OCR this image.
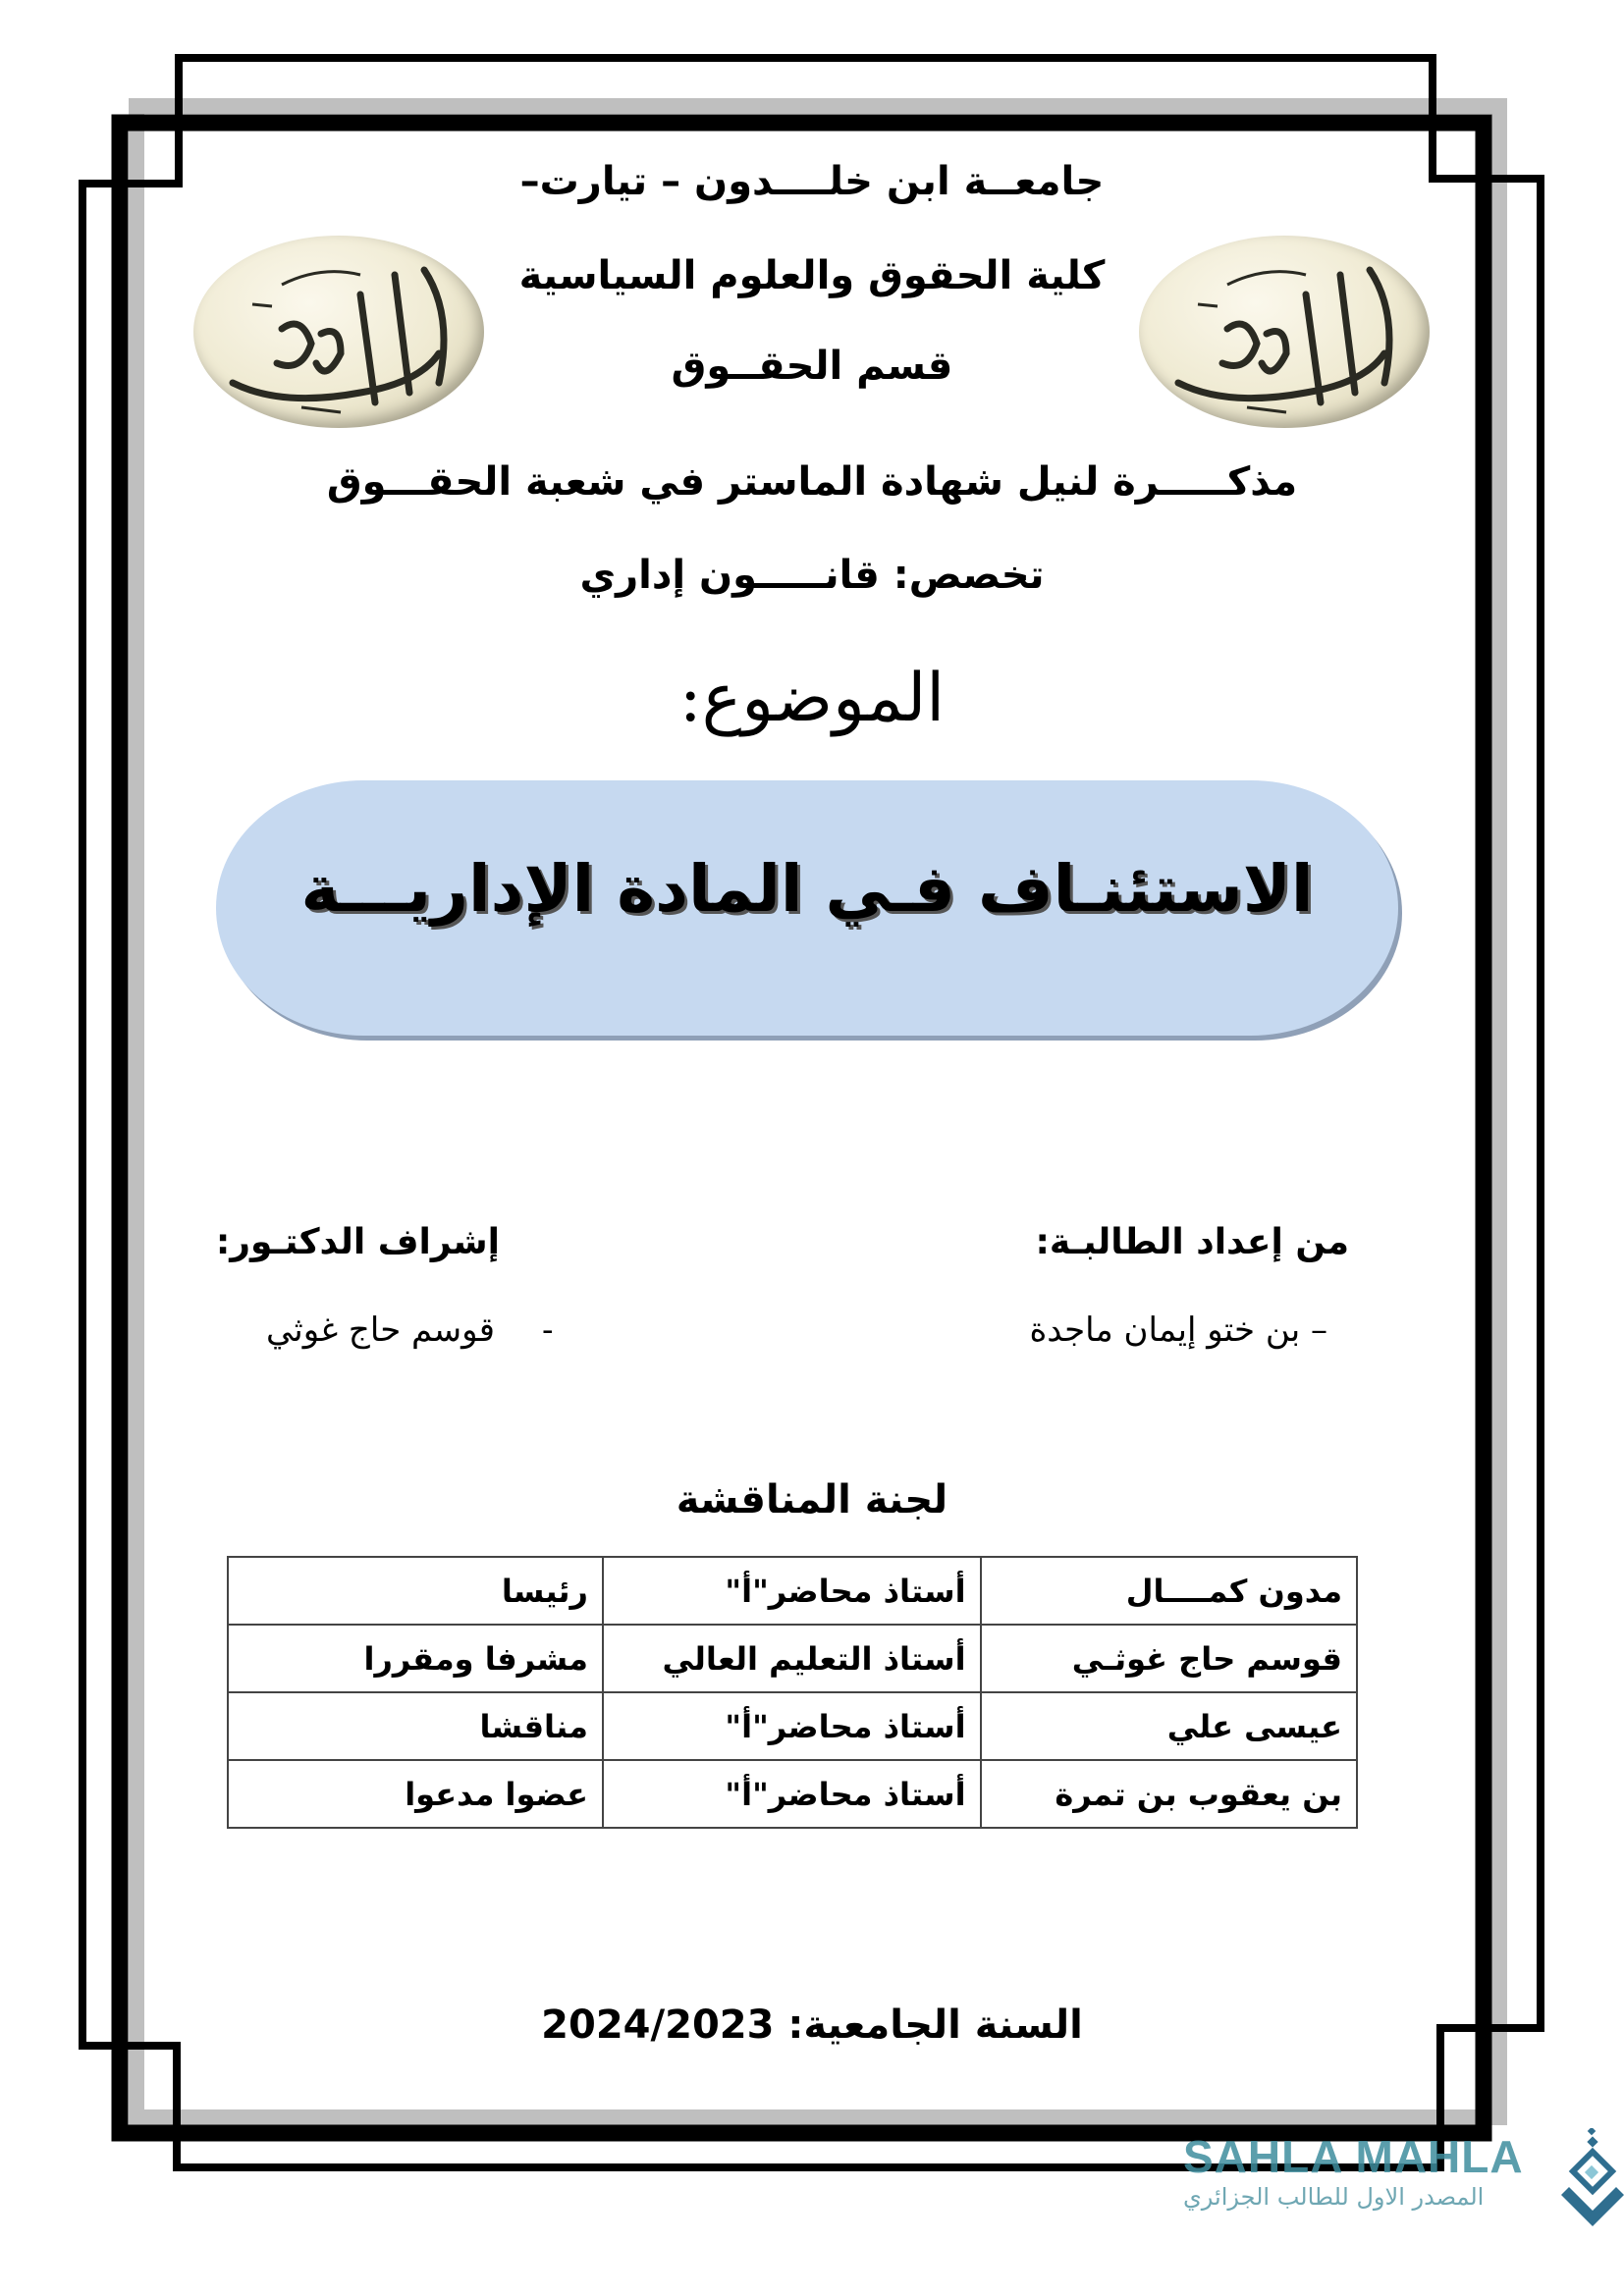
جامعــة ابن خلــــدون – تيارت–
كلية الحقوق والعلوم السياسية
قسم الحقــوق
مذكـــــرة لنيل شهادة الماستر في شعبة الحقـــوق
تخصص: قانـــــون إداري
الموضوع:
الاستئنـاف فـي المادة الإداريـــة
من إعداد الطالبـة:
– بن ختو إيمان ماجدة
إشراف الدكتـور:
-
قوسم حاج غوثي
لجنة المناقشة
مدون كمــــال	أستاذ محاضر"أ"	رئيسا
قوسم حاج غوثـي	أستاذ التعليم العالي	مشرفا ومقررا
عيسى علي	أستاذ محاضر"أ"	مناقشا
بن يعقوب بن تمرة	أستاذ محاضر"أ"	عضوا مدعوا
السنة الجامعية: 2024/2023
SAHLA MAHLA
المصدر الاول للطالب الجزائري
